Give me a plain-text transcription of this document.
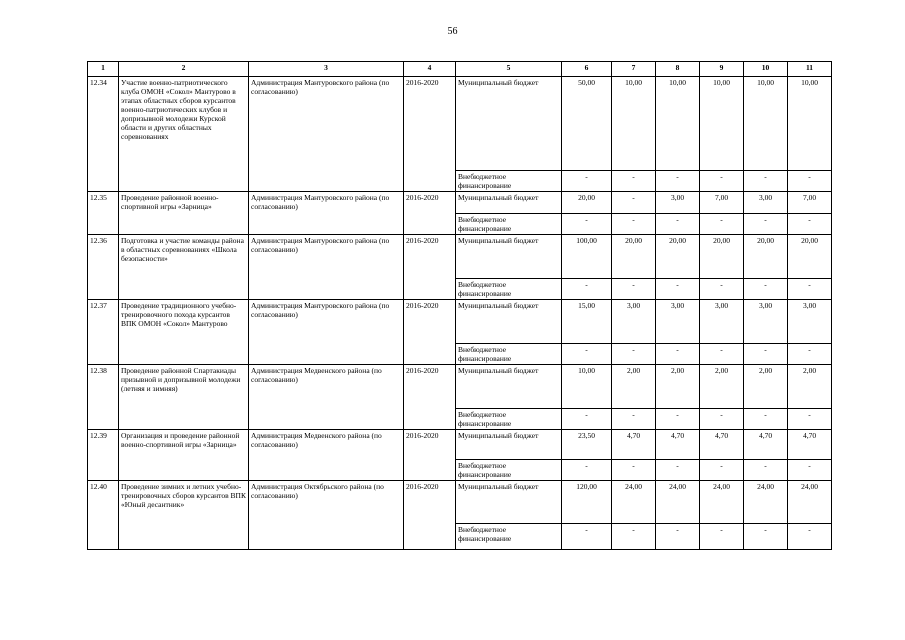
56
1	2	3	4	5	6	7	8	9	10	11
12.34	Участие военно-патриотического клуба ОМОН «Сокол» Мантурово в этапах областных сборов курсантов военно-патриотических клубов и допризывной молодежи Курской области и других областных соревнованиях	Администрация Мантуровского района (по согласованию)	2016-2020	Муниципальный бюджет	50,00	10,00	10,00	10,00	10,00	10,00
				Внебюджетное финансирование	-	-	-	-	-	-
12.35	Проведение районной военно-спортивной игры «Зарница»	Администрация Мантуровского района (по согласованию)	2016-2020	Муниципальный бюджет	20,00	-	3,00	7,00	3,00	7,00
				Внебюджетное финансирование	-	-	-	-	-	-
12.36	Подготовка и участие команды района в областных соревнованиях «Школа безопасности»	Администрация Мантуровского района (по согласованию)	2016-2020	Муниципальный бюджет	100,00	20,00	20,00	20,00	20,00	20,00
				Внебюджетное финансирование	-	-	-	-	-	-
12.37	Проведение традиционного учебно-тренировочного похода курсантов ВПК ОМОН «Сокол» Мантурово	Администрация Мантуровского района (по согласованию)	2016-2020	Муниципальный бюджет	15,00	3,00	3,00	3,00	3,00	3,00
				Внебюджетное финансирование	-	-	-	-	-	-
12.38	Проведение районной Спартакиады призывной и допризывной молодежи (летняя и зимняя)	Администрация Медвенского района (по согласованию)	2016-2020	Муниципальный бюджет	10,00	2,00	2,00	2,00	2,00	2,00
				Внебюджетное финансирование	-	-	-	-	-	-
12.39	Организация и проведение районной военно-спортивной игры «Зарница»	Администрация Медвенского района (по согласованию)	2016-2020	Муниципальный бюджет	23,50	4,70	4,70	4,70	4,70	4,70
				Внебюджетное финансирование	-	-	-	-	-	-
12.40	Проведение зимних и летних учебно-тренировочных сборов курсантов ВПК «Юный десантник»	Администрация Октябрьского района (по согласованию)	2016-2020	Муниципальный бюджет	120,00	24,00	24,00	24,00	24,00	24,00
				Внебюджетное финансирование	-	-	-	-	-	-
